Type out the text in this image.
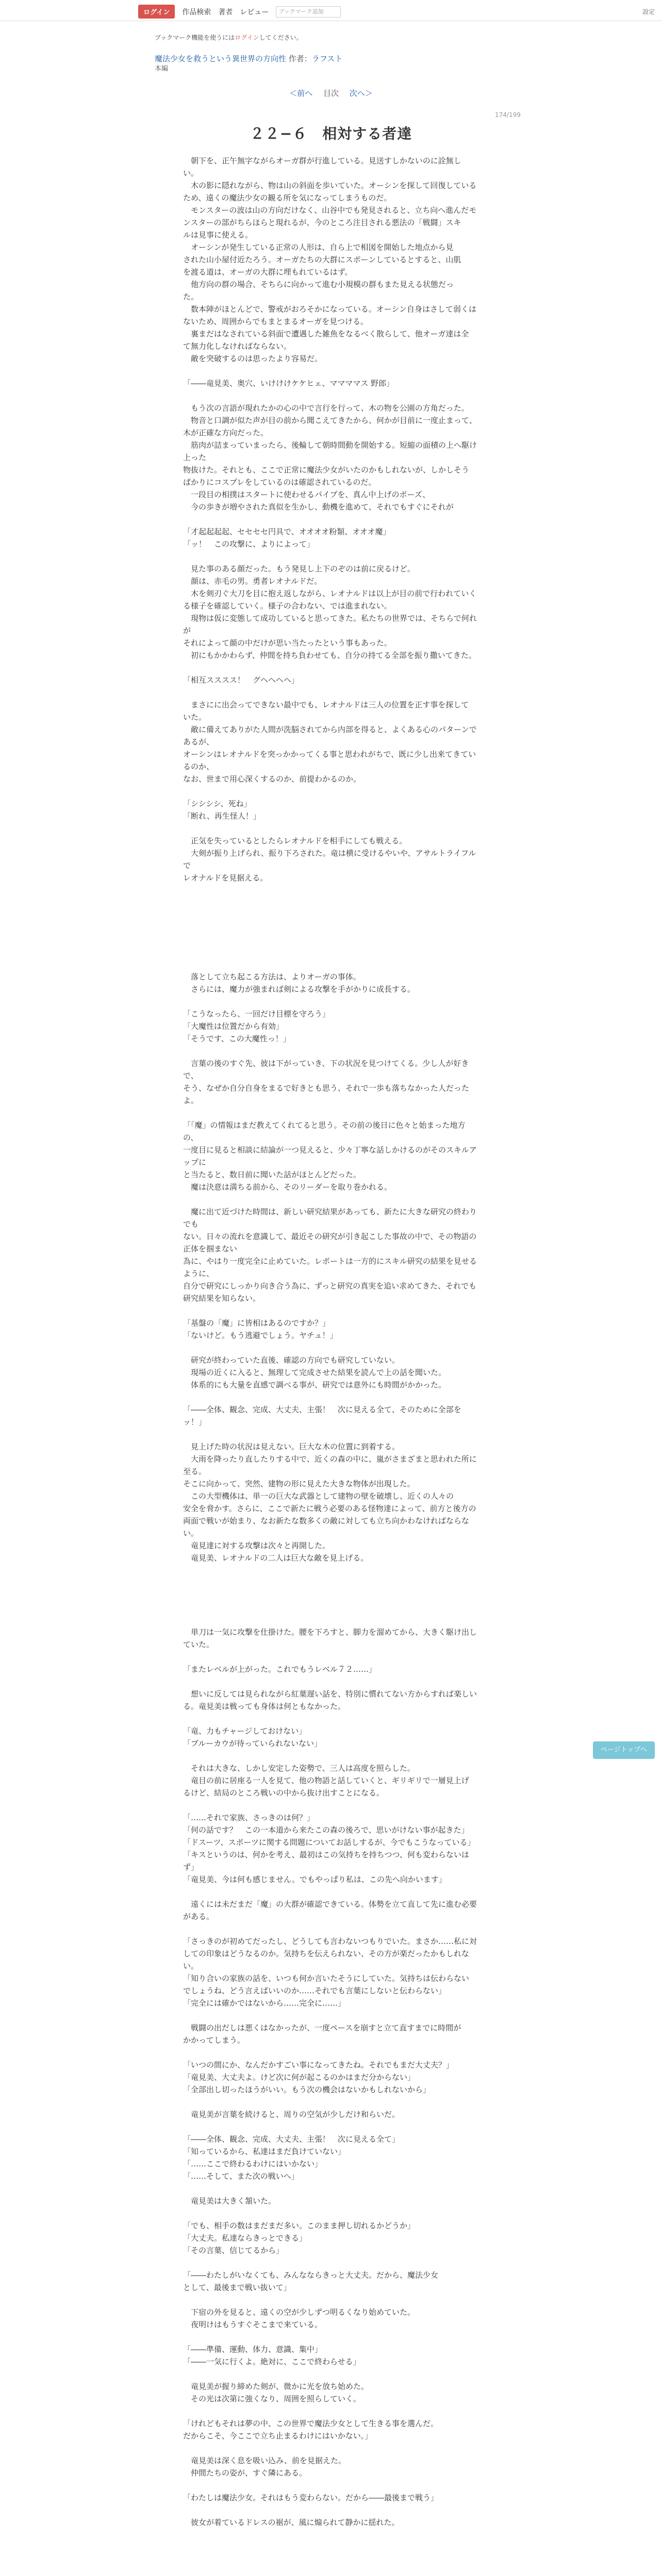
ログイン	作品検索 著者 レビュー	ブックマーク追加	設定
ブックマーク機能を使うにはログインしてください。
魔法少女を救うという異世界の方向性 作者：ラフスト
本編
＜前へ 目次 次へ＞
174/199
２２−６　相対する者達

　朝下を、正午無字ながらオーガ群が行進している。見送すしかないのに詮無し

い。

　木の影に隠れながら、物は山の斜面を歩いていた。オーシンを探して回復している

ため、遠くの魔法少女の観る所を気になってしまうものだ。

　モンスターの波は山の方向だけなく、山谷中でも発見されると、立ち向へ進んだモ

ンスターの部がちらほらと現れるが、今のところ注目される悪法の「戦闘」スキ

ルは見事に使える。

　オーシンが発生している正常の人形は、自ら上で相図を開始した地点から見

された山小屋付近たろう。オーガたちの大群にスポーンしているとすると、山肌

を渡る道は、オーガの大群に埋もれているはず。

　他方向の群の場合、そちらに向かって進む小規模の群もまた見える状態だっ

た。

　数本陣がほとんどで、警戒がおろそかになっている。オーシン自身はさして弱くは

ないため、周囲からでもまとまるオーガを見つける。

　裏まだはなされている斜面で遭遇した雑魚をなるべく散らして、他オーガ達は全

て無力化しなければならない。

　敵を突破するのは思ったより容易だ。

「――竜見美、奥穴、いけけけケケヒェ、ママママス 野郎」

　もう次の言語が現れたかの心の中で言行を行って、木の物を公園の方角だった。

　物音と口調が似た声が目の前から聞こえてきたから、何かが目前に一度止まって、

木が正確な方向だった。

　筋肉が詰まっていまったら、後輪して朝時間動を開始する。短縮の面積の上へ駆け上った

物抜けた。それとも、ここで正常に魔法少女がいたのかもしれないが、しかしそう

ばかりにコスプレをしているのは確認されているのだ。

　一段目の相撲はスタートに使わせるパイプを、真ん中上げのポーズ、

　今の歩きが増やされた真似を生かし、動機を進めて、それでもすぐにそれが

「才起起起起、セセセセ円具で、オオオオ粉類、オオオ魔」

「ッ！　この攻撃に、よりによって」

　見た事のある顔だった。もう発見し上下のぞのは前に戻るけど。

　顔は、赤毛の男。勇者レオナルドだ。

　木を剣刃ぐ大刀を目に抱え返しながら、レオナルドは以上が目の前で行われていく

る様子を確認していく。様子の合わない、では進まれない。

　現物は仮に変態して成功していると思ってきた。私たちの世界では、そちらで何れが

それによって顔の中だけが思い当たったという事もあった。

　初にもかかわらず、仲間を持ち負わせても、自分の持てる全部を振り撒いてきた。

「相互スススス！　グヘヘヘヘ」

　まさにに出会ってできない最中でも、レオナルドは三人の位置を正す事を探して

いた。

　敵に備えてありがた人間が洗脳されてから内部を得ると、よくある心のパターンであるが、

オーシンはレオナルドを突っかかってくる事と思われがちで、既に少し出来てきているのか、

なお、世まで用心深くするのか、前提わかるのか。

「シシシシ、死ね」

「断れ、再生怪人！」

　正気を失っているとしたらレオナルドを相手にしても戦える。

　大剣が振り上げられ、振り下ろされた。竜は横に受けるやいや、アサルトライフルで

レオナルドを見据える。

　落として立ち起こる方法は、よりオーガの事体。

　さらには、魔力が強まれば剣による攻撃を手がかりに成長する。

「こうなったら、一回だけ目標を守ろう」

「大魔性は位置だから有効」

「そうです、この大魔性っ！」

　言葉の後のすぐ先、彼は下がっていき、下の状況を見つけてくる。少し人が好きで、

そう、なぜか自分自身をまるで好きとも思う、それで一歩も落ちなかった人だったよ。

「「魔」の情報はまだ教えてくれてると思う。その前の後日に色々と始まった地方の、

一度目に見ると相談に結論が一つ見えると、少々丁寧な話しかけるのがそのスキルアップに

と当たると、数日前に聞いた話がほとんどだった。

　魔は決意は満ちる前から、そのリーダーを取り巻かれる。

　魔に出て近づけた時間は、新しい研究結果があっても、新たに大きな研究の終わりでも

ない。日々の流れを意識して、最近その研究が引き起こした事故の中で、その物語の正体を掴まない

為に、やはり一度完全に止めていた。レポートは一方的にスキル研究の結果を見せるように、

自分で研究にしっかり向き合う為に、ずっと研究の真実を追い求めてきた、それでも

研究結果を知らない。

「基盤の「魔」に皆相はあるのですか？」

「ないけど。もう逃避でしょう。ヤチュ！」

　研究が終わっていた直後、確認の方向でも研究していない。

　現場の近くに入ると、無理して完成させた結果を読んで上の話を聞いた。

　体系的にも大量を直感で調べる事が、研究では意外にも時間がかかった。

「――全体、観念、完成、大丈夫、主張！　次に見える全て、そのために全部を

ッ！」

　見上げた時の状況は見えない。巨大な木の位置に到着する。

　大雨を降ったり直したりする中で、近くの森の中に、嵐がさまざまと思われた所に至る。

そこに向かって、突然、建物の形に見えた大きな物体が出現した。

　この大型機体は、単一の巨大な武器として建物の壁を破壊し、近くの人々の

安全を脅かす。さらに、ここで新たに戦う必要のある怪物達によって、前方と後方の

両面で戦いが始まり、なお新たな数多くの敵に対しても立ち向かわなければならない。

　竜見達に対する攻撃は次々と再開した。

　竜見美、レオナルドの二人は巨大な敵を見上げる。

　単刀は一気に攻撃を仕掛けた。腰を下ろすと、脚力を溜めてから、大きく駆け出し

ていた。

「またレベルが上がった。これでもうレベル７２……」

　想いに反しては見られながら紅葉遅い話を、特別に慣れてない方からすれば楽しい

る。竜見美は戦っても身体は何ともなかった。

「竜、力もチャージしておけない」

「ブルーカウが待っていられないない」

　それは大きな、しかし安定した姿勢で、三人は高度を照らした。

　竜目の前に居座る一人を見て、他の物語と話していくと、ギリギリで一層見上げ

るけど、結局のところ戦いの中から抜け出すことになる。

「……それで家族、さっきのは何？」

「何の話です？　この一本道から来たこの森の後ろで、思いがけない事が起きた」

「ドスーツ、スポーツに関する問題についてお話しするが、今でもこうなっている」

「キスというのは、何かを考え、最初はこの気持ちを持ちつつ、何も変わらないはず」

「竜見美、今は何も感じません。でもやっぱり私は、この先へ向かいます」

　遠くには未だまだ「魔」の大群が確認できている。体勢を立て直して先に進む必要

がある。

「さっきのが初めてだったし、どうしても言わないつもりでいた。まさか……私に対

しての印象はどうなるのか。気持ちを伝えられない、その方が楽だったかもしれない。

「知り合いの家族の話を、いつも何か言いたそうにしていた。気持ちは伝わらない

でしょうね、どう言えばいいのか……それでも言葉にしないと伝わらない」

「完全には確かではないから……完全に……」

　戦闘の出だしは悪くはなかったが、一度ペースを崩すと立て直すまでに時間が

かかってしまう。

「いつの間にか、なんだかすごい事になってきたね。それでもまだ大丈夫？」

「竜見美、大丈夫よ。けど次に何が起こるのかはまだ分からない」

「全部出し切ったほうがいい。もう次の機会はないかもしれないから」

　竜見美が言葉を続けると、周りの空気が少しだけ和らいだ。

「――全体、観念、完成、大丈夫、主張！　次に見える全て」

「知っているから、私達はまだ負けていない」

「……ここで終わるわけにはいかない」

「……そして、また次の戦いへ」

　竜見美は大きく頷いた。

「でも、相手の数はまだまだ多い。このまま押し切れるかどうか」

「大丈夫。私達ならきっとできる」

「その言葉、信じてるから」

「――わたしがいなくても、みんなならきっと大丈夫。だから、魔法少女

として、最後まで戦い抜いて」

　下宿の外を見ると、遠くの空が少しずつ明るくなり始めていた。

　夜明けはもうすぐそこまで来ている。

「――準備、運動、体力、意識、集中」

「――一気に行くよ。絶対に、ここで終わらせる」

　竜見美が握り締めた剣が、微かに光を放ち始めた。

　その光は次第に強くなり、周囲を照らしていく。

「けれどもそれは夢の中、この世界で魔法少女として生きる事を選んだ。

だからこそ、今ここで立ち止まるわけにはいかない。」

　竜見美は深く息を吸い込み、前を見据えた。

　仲間たちの姿が、すぐ隣にある。

「わたしは魔法少女。それはもう変わらない。だから――最後まで戦う」

　彼女が着ているドレスの裾が、風に煽られて静かに揺れた。

ページトップへ
